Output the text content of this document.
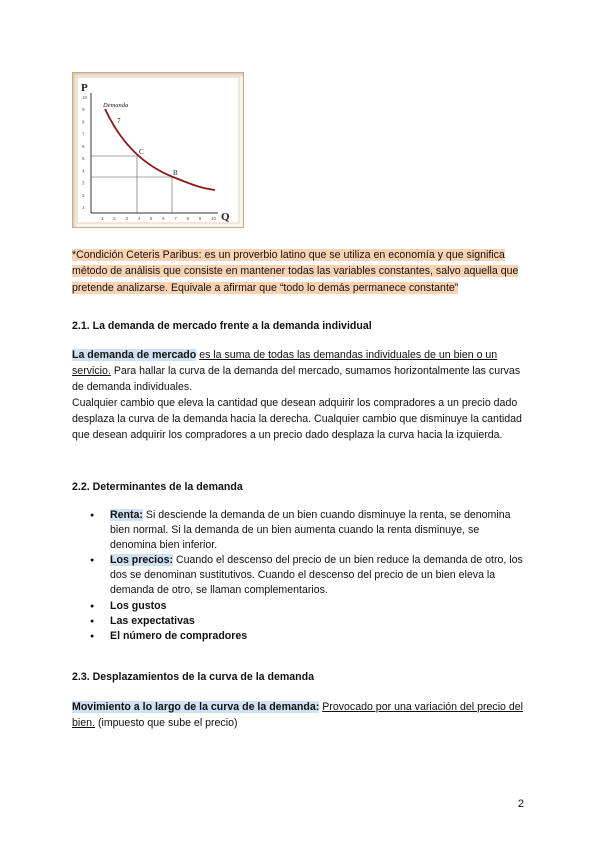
P
Q
10
9
8
7
6
5
4
3
2
1
1 2 3 4 5 6 7 8 9 10
Demanda
7
C
B
*Condición Ceteris Paribus: es un proverbio latino que se utiliza en economía y que significa método de análisis que consiste en mantener todas las variables constantes, salvo aquella que pretende analizarse. Equivale a afirmar que “todo lo demás permanece constante”
2.1. La demanda de mercado frente a la demanda individual
La demanda de mercado es la suma de todas las demandas individuales de un bien o un servicio. Para hallar la curva de la demanda del mercado, sumamos horizontalmente las curvas de demanda individuales.
Cualquier cambio que eleva la cantidad que desean adquirir los compradores a un precio dado desplaza la curva de la demanda hacia la derecha. Cualquier cambio que disminuye la cantidad que desean adquirir los compradores a un precio dado desplaza la curva hacia la izquierda.
2.2. Determinantes de la demanda
● Renta: Si desciende la demanda de un bien cuando disminuye la renta, se denomina bien normal. Si la demanda de un bien aumenta cuando la renta disminuye, se denomina bien inferior.
● Los precios: Cuando el descenso del precio de un bien reduce la demanda de otro, los dos se denominan sustitutivos. Cuando el descenso del precio de un bien eleva la demanda de otro, se llaman complementarios.
● Los gustos
● Las expectativas
● El número de compradores
2.3. Desplazamientos de la curva de la demanda
Movimiento a lo largo de la curva de la demanda: Provocado por una variación del precio del bien. (impuesto que sube el precio)
2
